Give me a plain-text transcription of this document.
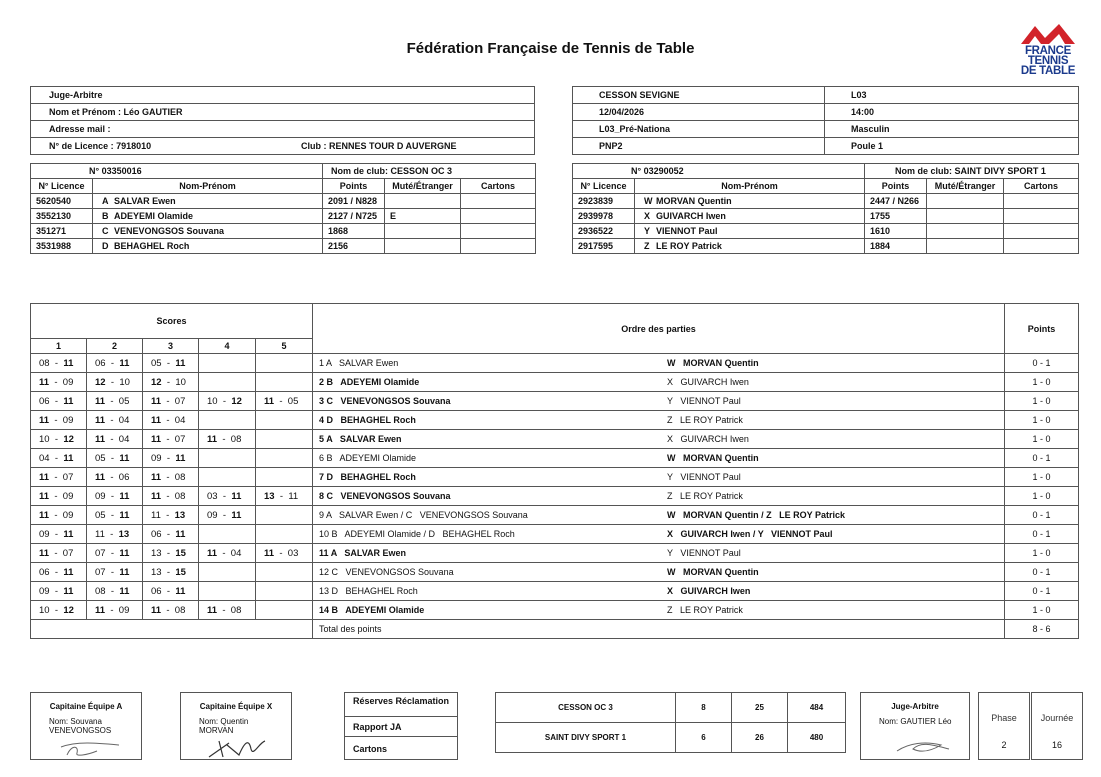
Fédération Française de Tennis de Table	FRANCE
TENNIS
DE TABLE
Juge-Arbitre
Nom et Prénom : Léo GAUTIER
Adresse mail :
N° de Licence : 7918010	Club : RENNES TOUR D AUVERGNE
CESSON SEVIGNE	L03
12/04/2026	14:00
L03_Pré-Nationa	Masculin
PNP2	Poule 1
N° 03350016		Nom de club: CESSON OC 3		
N° Licence	Nom-Prénom	Points	Muté/Étranger	Cartons
5620540	A SALVAR Ewen	2091 / N828		
3552130	B ADEYEMI Olamide	2127 / N725	E	
351271	C VENEVONGSOS Souvana	1868		
3531988	D BEHAGHEL Roch	2156		
N° 03290052		Nom de club: SAINT DIVY SPORT 1		
N° Licence	Nom-Prénom	Points	Muté/Étranger	Cartons
2923839	W MORVAN Quentin	2447 / N266		
2939978	X GUIVARCH Iwen	1755		
2936522	Y VIENNOT Paul	1610		
2917595	Z LE ROY Patrick	1884		
Scores					Ordre des parties	Points
1	2	3	4	5		
08  -  11	06  -  11	05  -  11			1 A   SALVAR Ewen W   MORVAN Quentin	0 - 1
11  -  09	12  -  10	12  -  10			2 B   ADEYEMI Olamide X   GUIVARCH Iwen	1 - 0
06  -  11	11  -  05	11  -  07	10  -  12	11  -  05	3 C   VENEVONGSOS Souvana Y   VIENNOT Paul	1 - 0
11  -  09	11  -  04	11  -  04			4 D   BEHAGHEL Roch Z   LE ROY Patrick	1 - 0
10  -  12	11  -  04	11  -  07	11  -  08		5 A   SALVAR Ewen X   GUIVARCH Iwen	1 - 0
04  -  11	05  -  11	09  -  11			6 B   ADEYEMI Olamide W   MORVAN Quentin	0 - 1
11  -  07	11  -  06	11  -  08			7 D   BEHAGHEL Roch Y   VIENNOT Paul	1 - 0
11  -  09	09  -  11	11  -  08	03  -  11	13  -  11	8 C   VENEVONGSOS Souvana Z   LE ROY Patrick	1 - 0
11  -  09	05  -  11	11  -  13	09  -  11		9 A   SALVAR Ewen / C   VENEVONGSOS Souvana W   MORVAN Quentin / Z   LE ROY Patrick	0 - 1
09  -  11	11  -  13	06  -  11			10 B   ADEYEMI Olamide / D   BEHAGHEL Roch X   GUIVARCH Iwen / Y   VIENNOT Paul	0 - 1
11  -  07	07  -  11	13  -  15	11  -  04	11  -  03	11 A   SALVAR Ewen Y   VIENNOT Paul	1 - 0
06  -  11	07  -  11	13  -  15			12 C   VENEVONGSOS Souvana W   MORVAN Quentin	0 - 1
09  -  11	08  -  11	06  -  11			13 D   BEHAGHEL Roch X   GUIVARCH Iwen	0 - 1
10  -  12	11  -  09	11  -  08	11  -  08		14 B   ADEYEMI Olamide Z   LE ROY Patrick	1 - 0
					Total des points	8 - 6
Capitaine Équipe A
Nom: Souvana VENEVONGSOS
Capitaine Équipe X
Nom: Quentin MORVAN
Réserves Réclamation
Rapport JA
Cartons
CESSON OC 3	8	25	484
SAINT DIVY SPORT 1	6	26	480
Juge-Arbitre
Nom: GAUTIER Léo	Phase
2
Journée
16
